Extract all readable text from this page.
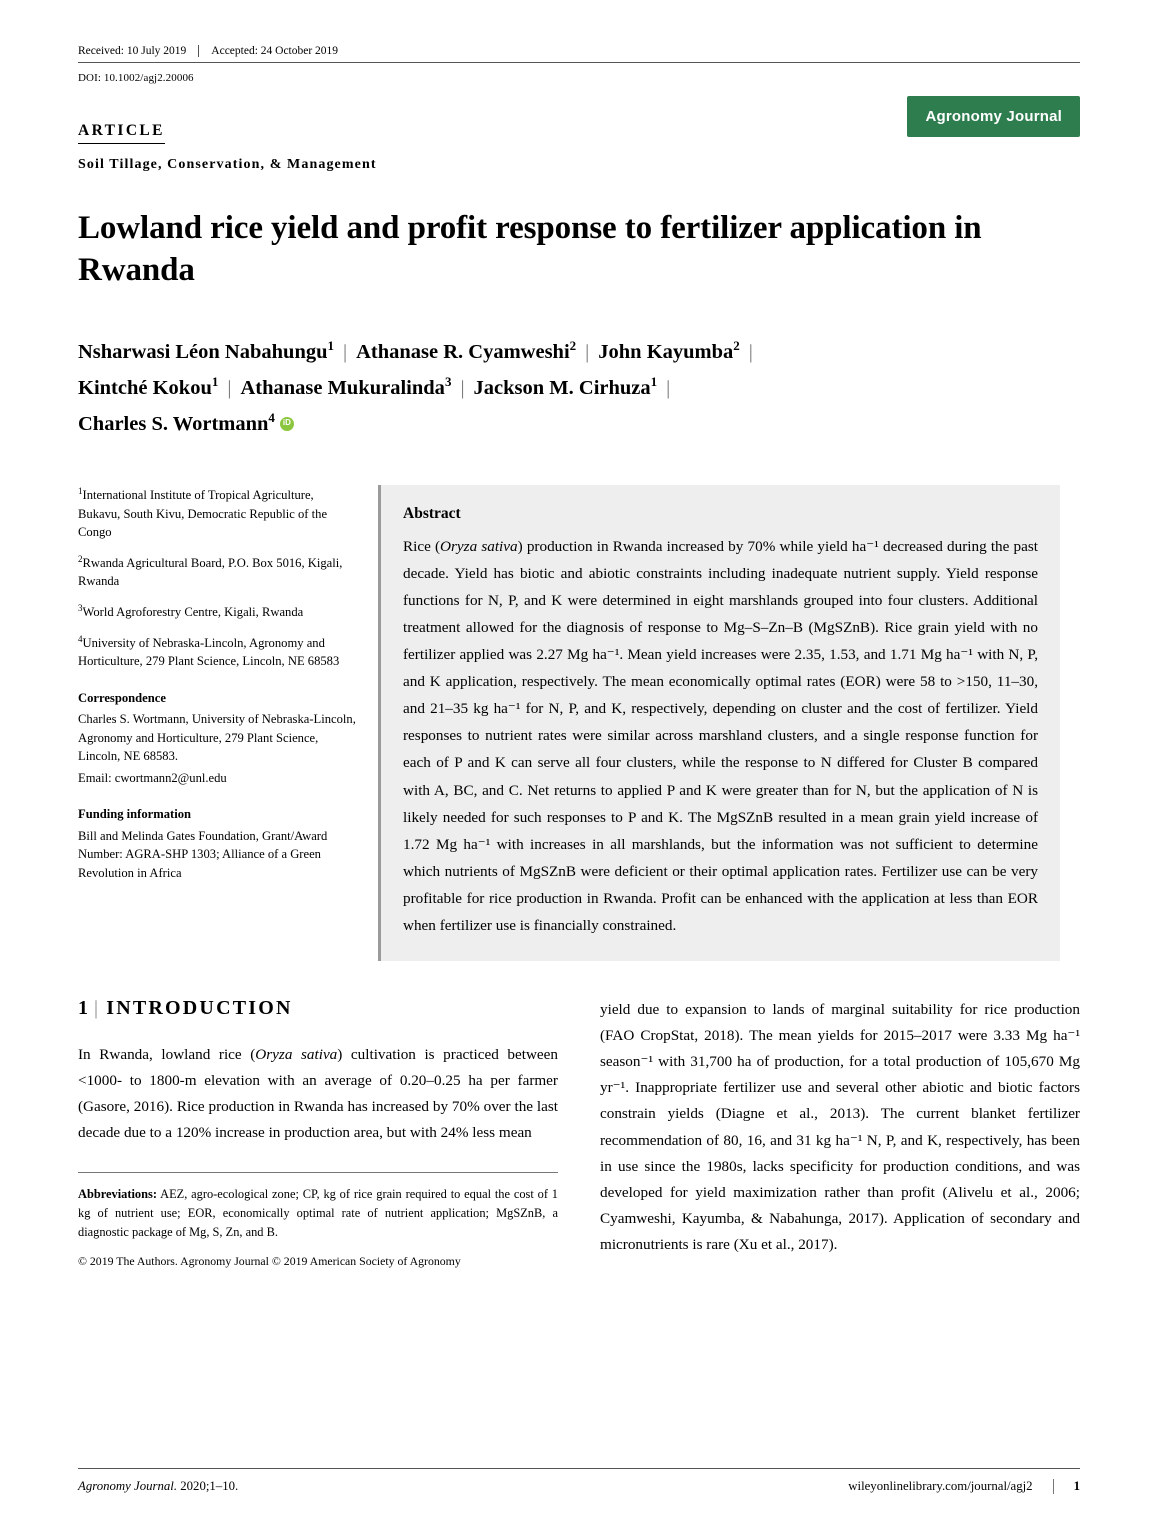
Received: 10 July 2019	Accepted: 24 October 2019
DOI: 10.1002/agj2.20006
Agronomy Journal
ARTICLE
Soil Tillage, Conservation, & Management
Lowland rice yield and profit response to fertilizer application in Rwanda
Nsharwasi Léon Nabahungu$^1$ | Athanase R. Cyamweshi$^2$ | John Kayumba$^2$ |
Kintché Kokou$^1$ | Athanase Mukuralinda$^3$ | Jackson M. Cirhuza$^1$ |
Charles S. Wortmann$^4$iD

$^1$International Institute of Tropical Agriculture, Bukavu, South Kivu, Democratic Republic of the Congo

$^2$Rwanda Agricultural Board, P.O. Box 5016, Kigali, Rwanda

$^3$World Agroforestry Centre, Kigali, Rwanda

$^4$University of Nebraska-Lincoln, Agronomy and Horticulture, 279 Plant Science, Lincoln, NE 68583

Correspondence

Charles S. Wortmann, University of Nebraska-Lincoln, Agronomy and Horticulture, 279 Plant Science, Lincoln, NE 68583.

Email: cwortmann2@unl.edu

Funding information

Bill and Melinda Gates Foundation, Grant/Award Number: AGRA-SHP 1303; Alliance of a Green Revolution in Africa

Abstract
Rice (Oryza sativa) production in Rwanda increased by 70% while yield ha⁻¹ decreased during the past decade. Yield has biotic and abiotic constraints including inadequate nutrient supply. Yield response functions for N, P, and K were determined in eight marshlands grouped into four clusters. Additional treatment allowed for the diagnosis of response to Mg–S–Zn–B (MgSZnB). Rice grain yield with no fertilizer applied was 2.27 Mg ha⁻¹. Mean yield increases were 2.35, 1.53, and 1.71 Mg ha⁻¹ with N, P, and K application, respectively. The mean economically optimal rates (EOR) were 58 to >150, 11–30, and 21–35 kg ha⁻¹ for N, P, and K, respectively, depending on cluster and the cost of fertilizer. Yield responses to nutrient rates were similar across marshland clusters, and a single response function for each of P and K can serve all four clusters, while the response to N differed for Cluster B compared with A, BC, and C. Net returns to applied P and K were greater than for N, but the application of N is likely needed for such responses to P and K. The MgSZnB resulted in a mean grain yield increase of 1.72 Mg ha⁻¹ with increases in all marshlands, but the information was not sufficient to determine which nutrients of MgSZnB were deficient or their optimal application rates. Fertilizer use can be very profitable for rice production in Rwanda. Profit can be enhanced with the application at less than EOR when fertilizer use is financially constrained.
1 | INTRODUCTION
In Rwanda, lowland rice (Oryza sativa) cultivation is practiced between <1000- to 1800-m elevation with an average of 0.20–0.25 ha per farmer (Gasore, 2016). Rice production in Rwanda has increased by 70% over the last decade due to a 120% increase in production area, but with 24% less mean
Abbreviations: AEZ, agro-ecological zone; CP, kg of rice grain required to equal the cost of 1 kg of nutrient use; EOR, economically optimal rate of nutrient application; MgSZnB, a diagnostic package of Mg, S, Zn, and B.
© 2019 The Authors. Agronomy Journal © 2019 American Society of Agronomy
yield due to expansion to lands of marginal suitability for rice production (FAO CropStat, 2018). The mean yields for 2015–2017 were 3.33 Mg ha⁻¹ season⁻¹ with 31,700 ha of production, for a total production of 105,670 Mg yr⁻¹. Inappropriate fertilizer use and several other abiotic and biotic factors constrain yields (Diagne et al., 2013). The current blanket fertilizer recommendation of 80, 16, and 31 kg ha⁻¹ N, P, and K, respectively, has been in use since the 1980s, lacks specificity for production conditions, and was developed for yield maximization rather than profit (Alivelu et al., 2006; Cyamweshi, Kayumba, & Nabahunga, 2017). Application of secondary and micronutrients is rare (Xu et al., 2017).
Agronomy Journal. 2020;1–10.	wileyonlinelibrary.com/journal/agj2	1
